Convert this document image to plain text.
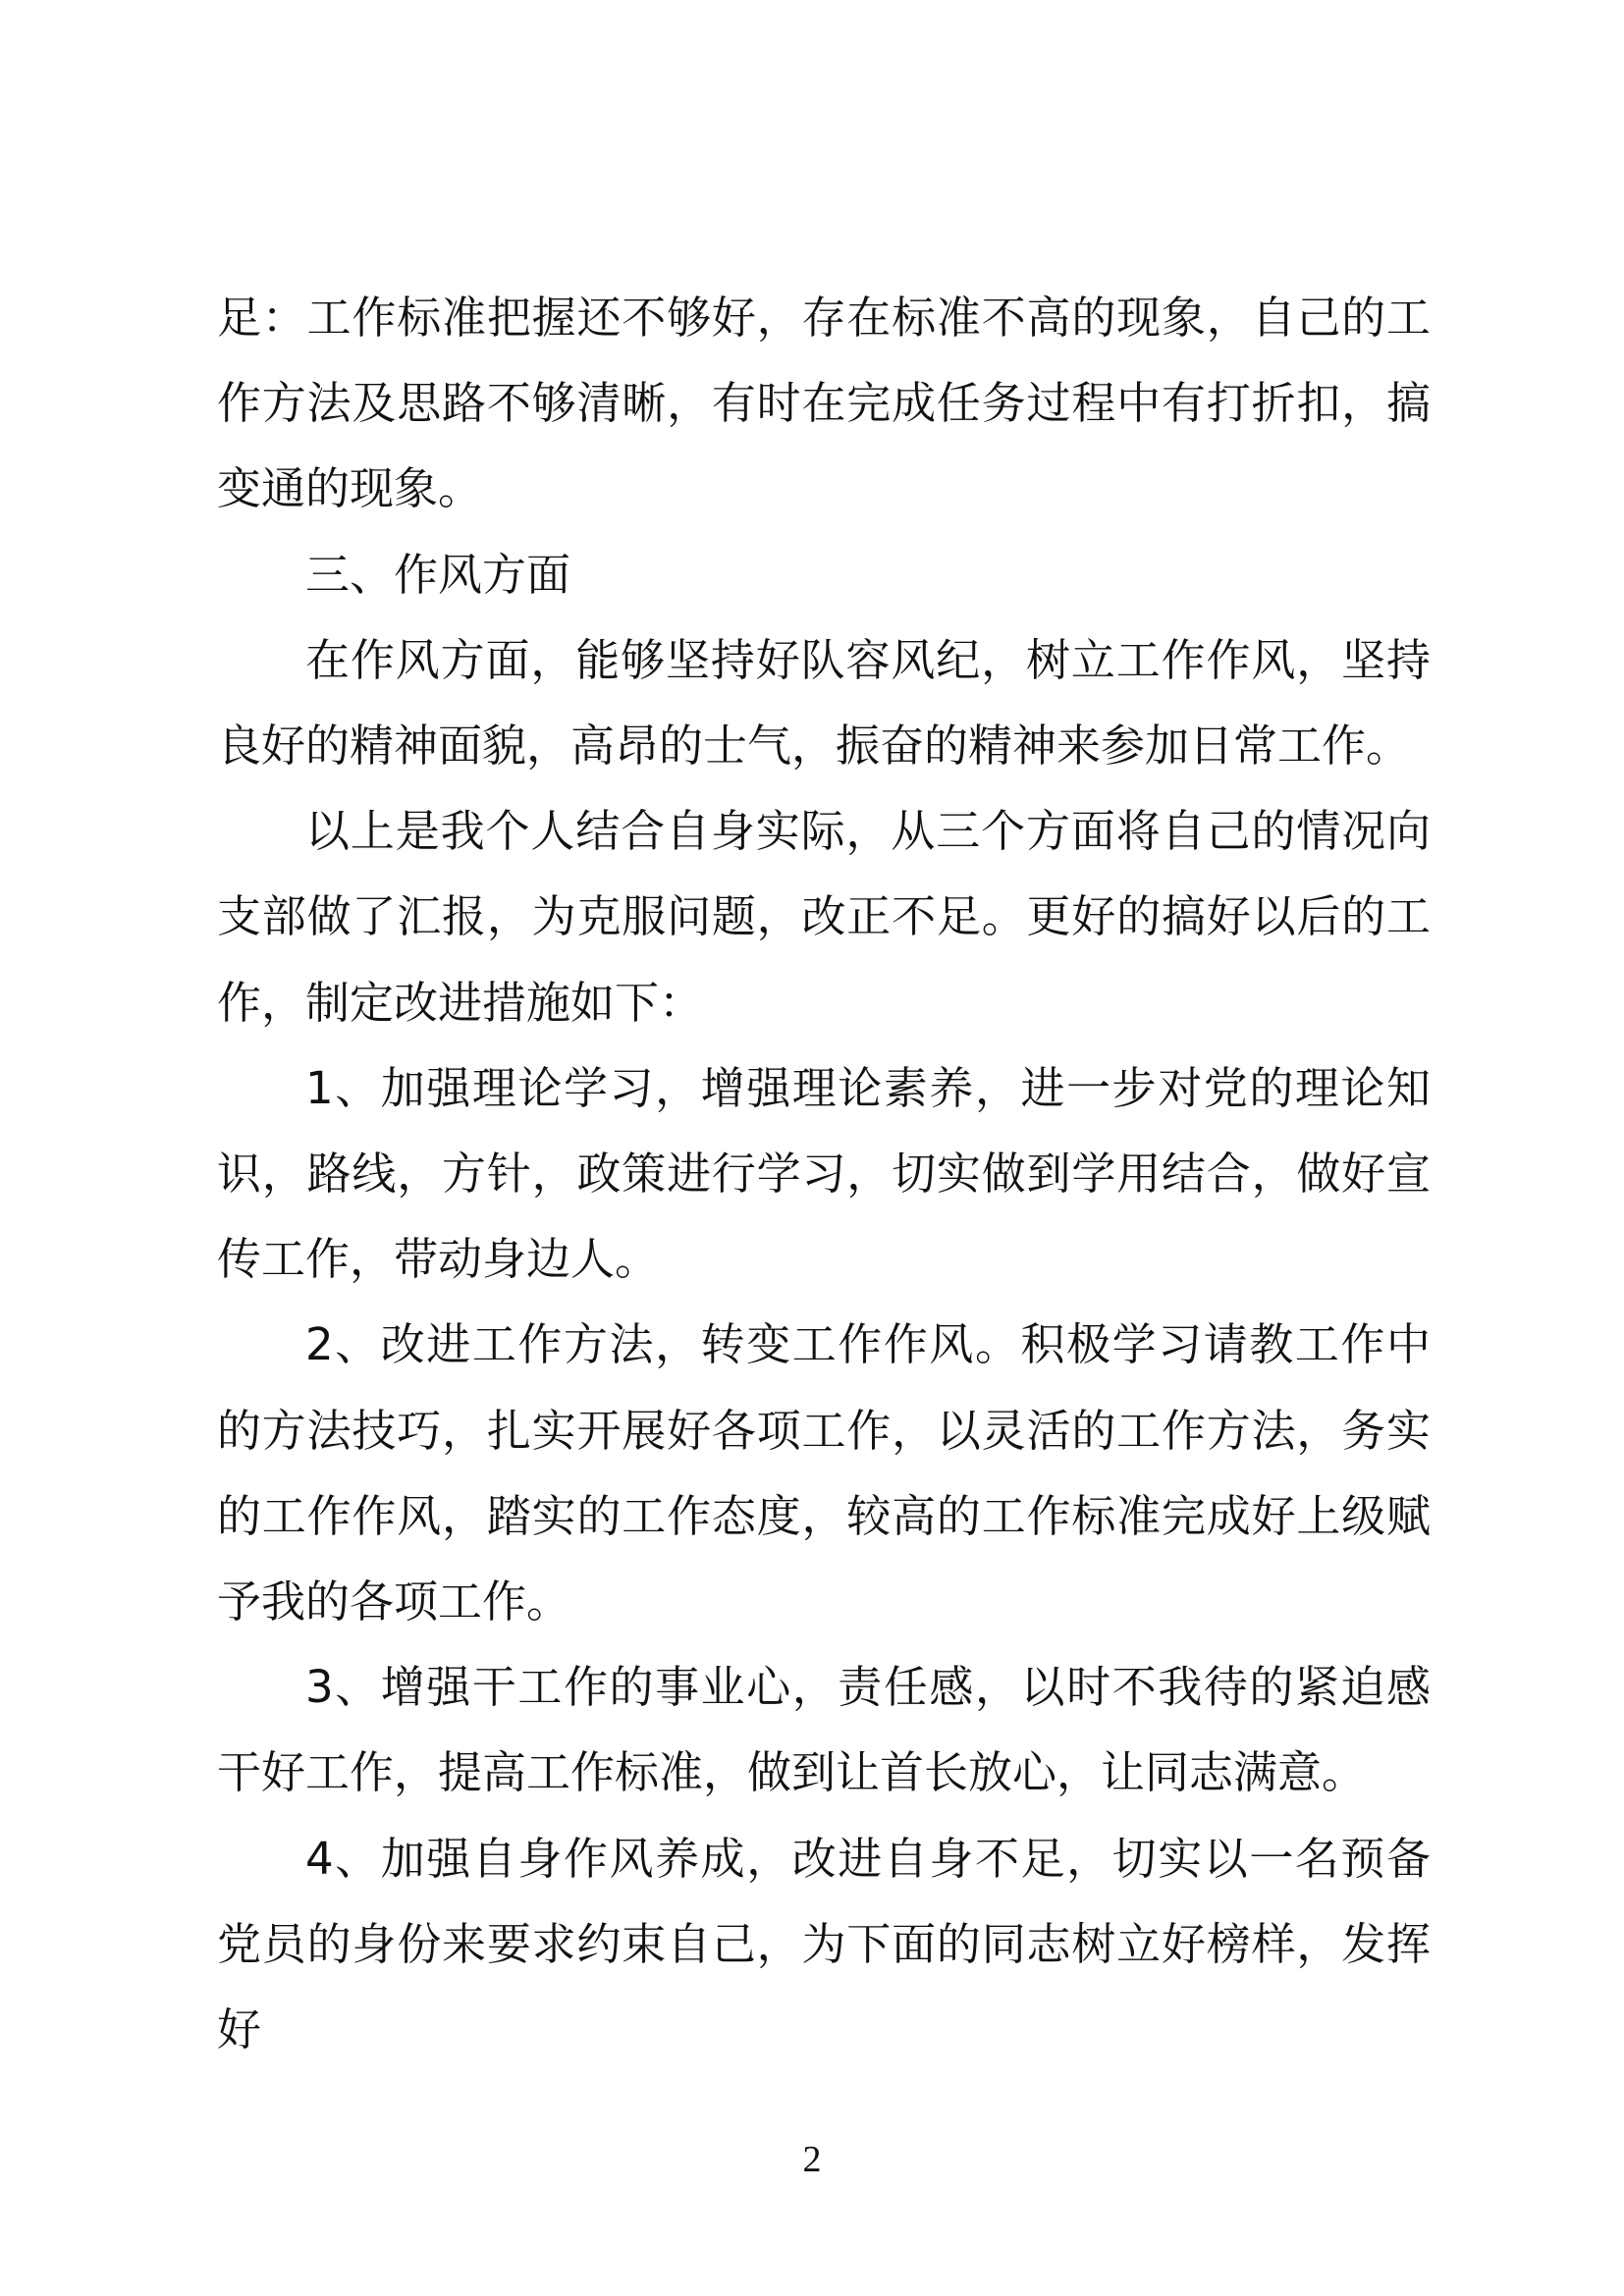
足：工作标准把握还不够好，存在标准不高的现象，自己的工作方法及思路不够清晰，有时在完成任务过程中有打折扣，搞变通的现象。

三、作风方面

在作风方面，能够坚持好队容风纪，树立工作作风，坚持良好的精神面貌，高昂的士气，振奋的精神来参加日常工作。

以上是我个人结合自身实际，从三个方面将自己的情况向支部做了汇报，为克服问题，改正不足。更好的搞好以后的工作，制定改进措施如下：

1、加强理论学习，增强理论素养，进一步对党的理论知识，路线，方针，政策进行学习，切实做到学用结合，做好宣传工作，带动身边人。

2、改进工作方法，转变工作作风。积极学习请教工作中的方法技巧，扎实开展好各项工作，以灵活的工作方法，务实的工作作风，踏实的工作态度，较高的工作标准完成好上级赋予我的各项工作。

3、增强干工作的事业心，责任感，以时不我待的紧迫感干好工作，提高工作标准，做到让首长放心，让同志满意。

4、加强自身作风养成，改进自身不足，切实以一名预备党员的身份来要求约束自己，为下面的同志树立好榜样，发挥好

2
